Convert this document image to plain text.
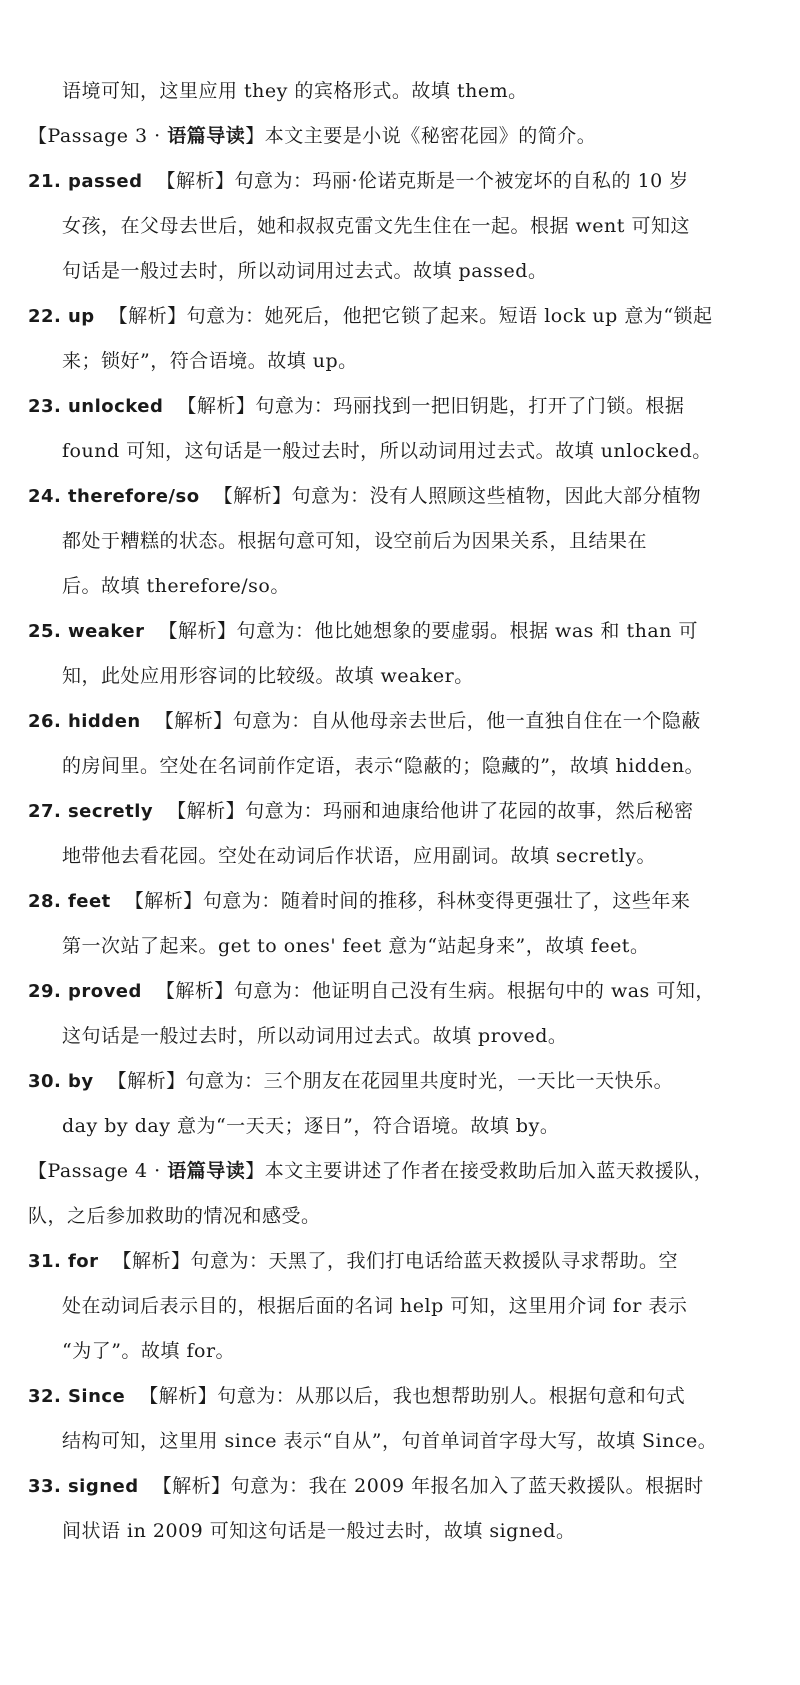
语境可知，这里应用 they 的宾格形式。故填 them。
【Passage 3 · 语篇导读】本文主要是小说《秘密花园》的简介。
21. passed 【解析】句意为：玛丽·伦诺克斯是一个被宠坏的自私的 10 岁
女孩，在父母去世后，她和叔叔克雷文先生住在一起。根据 went 可知这
句话是一般过去时，所以动词用过去式。故填 passed。
22. up 【解析】句意为：她死后，他把它锁了起来。短语 lock up 意为“锁起
来；锁好”，符合语境。故填 up。
23. unlocked 【解析】句意为：玛丽找到一把旧钥匙，打开了门锁。根据
found 可知，这句话是一般过去时，所以动词用过去式。故填 unlocked。
24. therefore/so 【解析】句意为：没有人照顾这些植物，因此大部分植物
都处于糟糕的状态。根据句意可知，设空前后为因果关系，且结果在
后。故填 therefore/so。
25. weaker 【解析】句意为：他比她想象的要虚弱。根据 was 和 than 可
知，此处应用形容词的比较级。故填 weaker。
26. hidden 【解析】句意为：自从他母亲去世后，他一直独自住在一个隐蔽
的房间里。空处在名词前作定语，表示“隐蔽的；隐藏的”，故填 hidden。
27. secretly 【解析】句意为：玛丽和迪康给他讲了花园的故事，然后秘密
地带他去看花园。空处在动词后作状语，应用副词。故填 secretly。
28. feet 【解析】句意为：随着时间的推移，科林变得更强壮了，这些年来
第一次站了起来。get to ones' feet 意为“站起身来”，故填 feet。
29. proved 【解析】句意为：他证明自己没有生病。根据句中的 was 可知，
这句话是一般过去时，所以动词用过去式。故填 proved。
30. by 【解析】句意为：三个朋友在花园里共度时光，一天比一天快乐。
day by day 意为“一天天；逐日”，符合语境。故填 by。
【Passage 4 · 语篇导读】本文主要讲述了作者在接受救助后加入蓝天救援队，
队，之后参加救助的情况和感受。
31. for 【解析】句意为：天黑了，我们打电话给蓝天救援队寻求帮助。空
处在动词后表示目的，根据后面的名词 help 可知，这里用介词 for 表示
“为了”。故填 for。
32. Since 【解析】句意为：从那以后，我也想帮助别人。根据句意和句式
结构可知，这里用 since 表示“自从”，句首单词首字母大写，故填 Since。
33. signed 【解析】句意为：我在 2009 年报名加入了蓝天救援队。根据时
间状语 in 2009 可知这句话是一般过去时，故填 signed。
